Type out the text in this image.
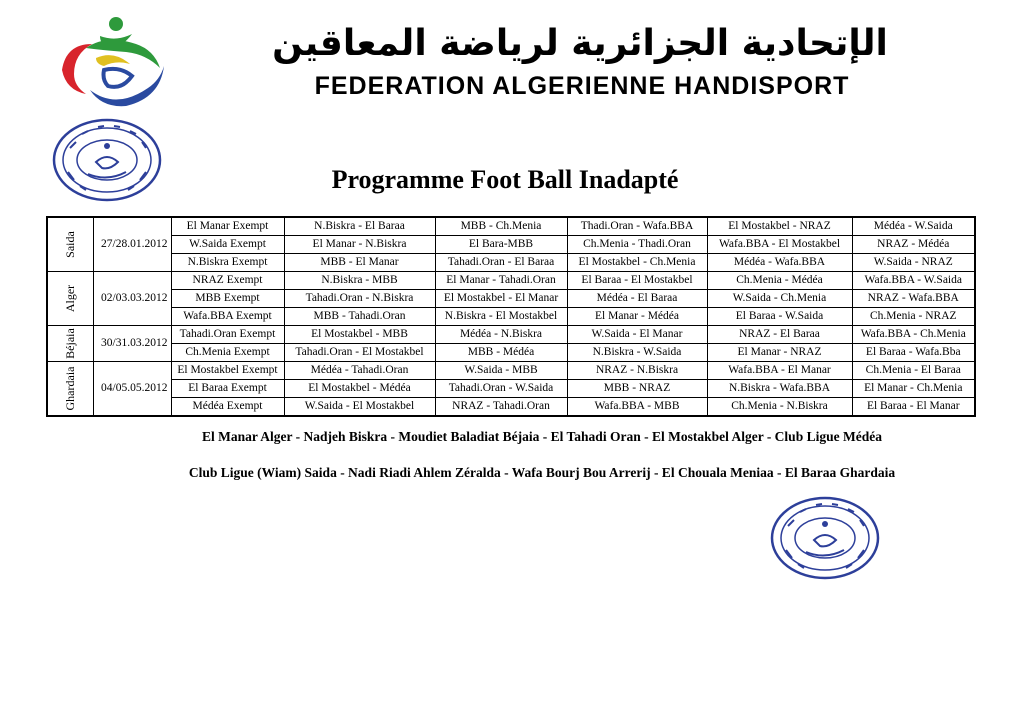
الإتحادية الجزائرية لرياضة المعاقين
FEDERATION ALGERIENNE HANDISPORT
Programme Foot Ball Inadapté
Saida	27/28.01.2012	El Manar Exempt	N.Biskra - El Baraa	MBB - Ch.Menia	Thadi.Oran - Wafa.BBA	El Mostakbel - NRAZ	Médéa - W.Saida
		W.Saida Exempt	El Manar - N.Biskra	El Bara-MBB	Ch.Menia - Thadi.Oran	Wafa.BBA - El Mostakbel	NRAZ - Médéa
		N.Biskra Exempt	MBB - El Manar	Tahadi.Oran - El Baraa	El Mostakbel - Ch.Menia	Médéa - Wafa.BBA	W.Saida - NRAZ

Alger	02/03.03.2012	NRAZ Exempt	N.Biskra - MBB	El Manar - Tahadi.Oran	El Baraa - El Mostakbel	Ch.Menia - Médéa	Wafa.BBA - W.Saida
		MBB Exempt	Tahadi.Oran - N.Biskra	El Mostakbel - El Manar	Médéa - El Baraa	W.Saida - Ch.Menia	NRAZ - Wafa.BBA
		Wafa.BBA Exempt	MBB - Tahadi.Oran	N.Biskra - El Mostakbel	El Manar - Médéa	El Baraa - W.Saida	Ch.Menia - NRAZ

Béjaia	30/31.03.2012	Tahadi.Oran Exempt	El Mostakbel - MBB	Médéa - N.Biskra	W.Saida - El Manar	NRAZ - El Baraa	Wafa.BBA - Ch.Menia
		Ch.Menia Exempt	Tahadi.Oran - El Mostakbel	MBB - Médéa	N.Biskra - W.Saida	El Manar - NRAZ	El Baraa - Wafa.Bba

Ghardaia	04/05.05.2012	El Mostakbel Exempt	Médéa - Tahadi.Oran	W.Saida - MBB	NRAZ - N.Biskra	Wafa.BBA - El Manar	Ch.Menia - El Baraa
		El Baraa Exempt	El Mostakbel - Médéa	Tahadi.Oran - W.Saida	MBB - NRAZ	N.Biskra - Wafa.BBA	El Manar - Ch.Menia
		Médéa Exempt	W.Saida - El Mostakbel	NRAZ - Tahadi.Oran	Wafa.BBA - MBB	Ch.Menia - N.Biskra	El Baraa - El Manar
El Manar Alger - Nadjeh Biskra - Moudiet Baladiat Béjaia - El Tahadi Oran - El Mostakbel Alger - Club Ligue Médéa
Club Ligue (Wiam) Saida - Nadi Riadi Ahlem Zéralda - Wafa Bourj Bou Arrerij - El Chouala Meniaa - El Baraa Ghardaia
